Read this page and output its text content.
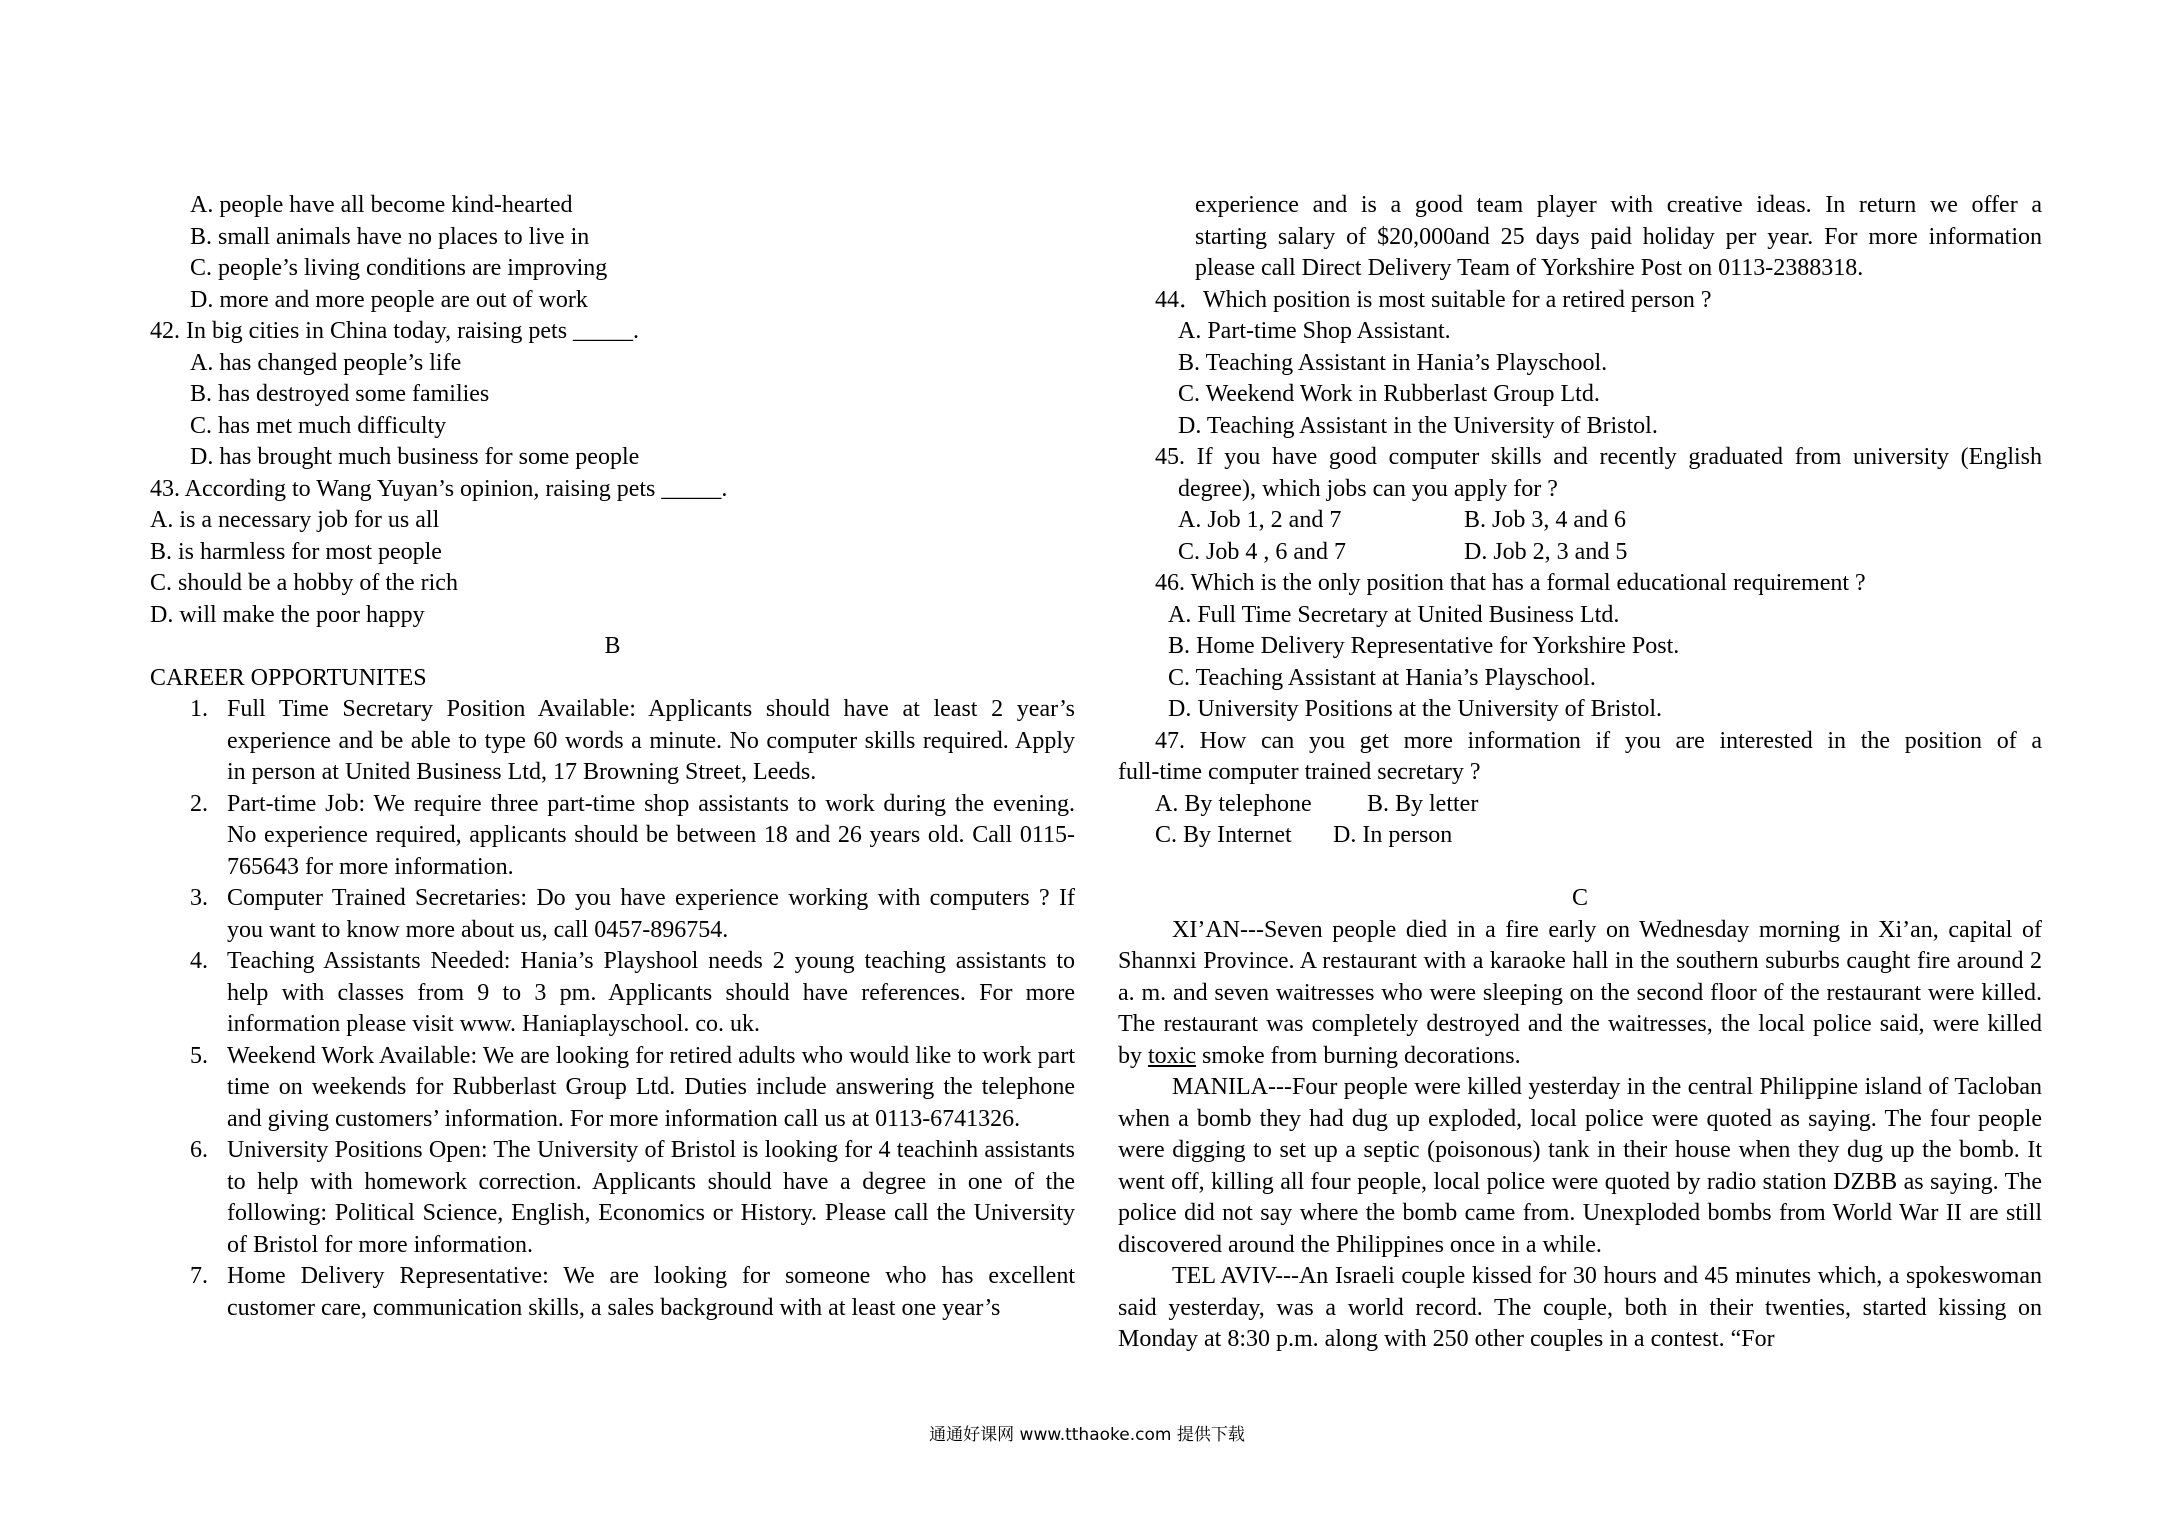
A. people have all become kind-hearted
B. small animals have no places to live in
C. people’s living conditions are improving
D. more and more people are out of work
42. In big cities in China today, raising pets _____.
A. has changed people’s life
B. has destroyed some families
C. has met much difficulty
D. has brought much business for some people
43. According to Wang Yuyan’s opinion, raising pets _____.
A. is a necessary job for us all
B. is harmless for most people
C. should be a hobby of the rich
D. will make the poor happy
B
CAREER OPPORTUNITES
1. Full Time Secretary Position Available: Applicants should have at least 2 year’s experience and be able to type 60 words a minute. No computer skills required. Apply in person at United Business Ltd, 17 Browning Street, Leeds.
2. Part-time Job: We require three part-time shop assistants to work during the evening. No experience required, applicants should be between 18 and 26 years old. Call 0115-765643 for more information.
3. Computer Trained Secretaries: Do you have experience working with computers ? If you want to know more about us, call 0457-896754.
4. Teaching Assistants Needed: Hania’s Playshool needs 2 young teaching assistants to help with classes from 9 to 3 pm. Applicants should have references. For more information please visit www. Haniaplayschool. co. uk.
5. Weekend Work Available: We are looking for retired adults who would like to work part time on weekends for Rubberlast Group Ltd. Duties include answering the telephone and giving customers’ information. For more information call us at 0113-6741326.
6. University Positions Open: The University of Bristol is looking for 4 teachinh assistants to help with homework correction. Applicants should have a degree in one of the following: Political Science, English, Economics or History. Please call the University of Bristol for more information.
7. Home Delivery Representative: We are looking for someone who has excellent customer care, communication skills, a sales background with at least one year’s
experience and is a good team player with creative ideas. In return we offer a
starting salary of $20,000and 25 days paid holiday per year. For more information
please call Direct Delivery Team of Yorkshire Post on 0113-2388318.
44．Which position is most suitable for a retired person ?
A. Part-time Shop Assistant.
B. Teaching Assistant in Hania’s Playschool.
C. Weekend Work in Rubberlast Group Ltd.
D. Teaching Assistant in the University of Bristol.
45. If you have good computer skills and recently graduated from university (English
degree), which jobs can you apply for ?
A. Job 1, 2 and 7	B. Job 3, 4 and 6
C. Job 4 , 6 and 7	D. Job 2, 3 and 5
46. Which is the only position that has a formal educational requirement ?
A. Full Time Secretary at United Business Ltd.
B. Home Delivery Representative for Yorkshire Post.
C. Teaching Assistant at Hania’s Playschool.
D. University Positions at the University of Bristol.
47. How can you get more information if you are interested in the position of a
full-time computer trained secretary ?
A. By telephone	B. By letter
C. By Internet	D. In person
C
XI’AN---Seven people died in a fire early on Wednesday morning in Xi’an, capital of Shannxi Province. A restaurant with a karaoke hall in the southern suburbs caught fire around 2 a. m. and seven waitresses who were sleeping on the second floor of the restaurant were killed. The restaurant was completely destroyed and the waitresses, the local police said, were killed by toxic smoke from burning decorations.
MANILA---Four people were killed yesterday in the central Philippine island of Tacloban when a bomb they had dug up exploded, local police were quoted as saying. The four people were digging to set up a septic (poisonous) tank in their house when they dug up the bomb. It went off, killing all four people, local police were quoted by radio station DZBB as saying. The police did not say where the bomb came from. Unexploded bombs from World War II are still discovered around the Philippines once in a while.
TEL AVIV---An Israeli couple kissed for 30 hours and 45 minutes which, a spokeswoman said yesterday, was a world record. The couple, both in their twenties, started kissing on Monday at 8:30 p.m. along with 250 other couples in a contest. “For
通通好课网 www.tthaoke.com 提供下载
